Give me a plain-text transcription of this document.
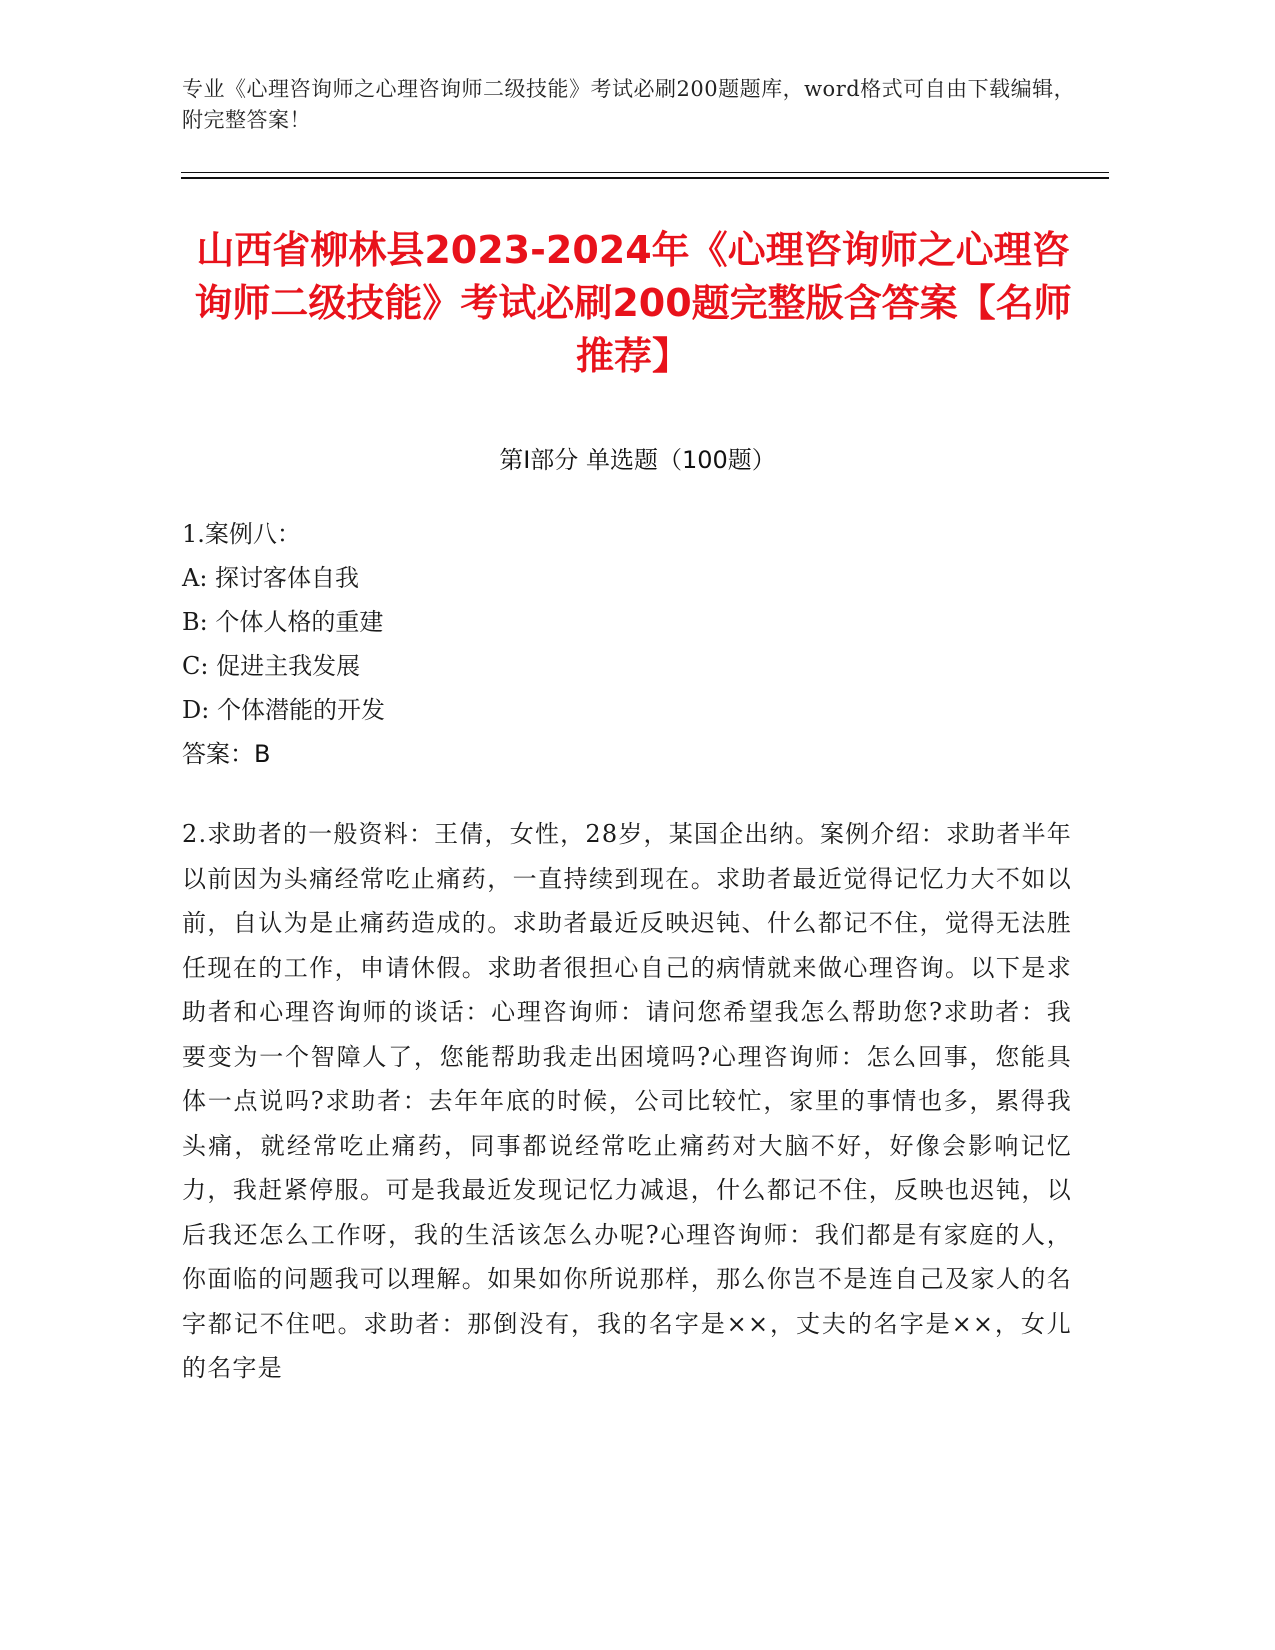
专业《心理咨询师之心理咨询师二级技能》考试必刷200题题库，word格式可自由下载编辑，附完整答案！
山西省柳林县2023-2024年《心理咨询师之心理咨询师二级技能》考试必刷200题完整版含答案【名师推荐】
第I部分 单选题（100题）
1.案例八：
A: 探讨客体自我
B: 个体人格的重建
C: 促进主我发展
D: 个体潜能的开发
答案：B
2.求助者的一般资料：王倩，女性，28岁，某国企出纳。案例介绍：求助者半年以前因为头痛经常吃止痛药，一直持续到现在。求助者最近觉得记忆力大不如以前，自认为是止痛药造成的。求助者最近反映迟钝、什么都记不住，觉得无法胜任现在的工作，申请休假。求助者很担心自己的病情就来做心理咨询。以下是求助者和心理咨询师的谈话：心理咨询师：请问您希望我怎么帮助您?求助者：我要变为一个智障人了，您能帮助我走出困境吗?心理咨询师：怎么回事，您能具体一点说吗?求助者：去年年底的时候，公司比较忙，家里的事情也多，累得我头痛，就经常吃止痛药，同事都说经常吃止痛药对大脑不好，好像会影响记忆力，我赶紧停服。可是我最近发现记忆力减退，什么都记不住，反映也迟钝，以后我还怎么工作呀，我的生活该怎么办呢?心理咨询师：我们都是有家庭的人，你面临的问题我可以理解。如果如你所说那样，那么你岂不是连自己及家人的名字都记不住吧。求助者：那倒没有，我的名字是××，丈夫的名字是××，女儿的名字是
